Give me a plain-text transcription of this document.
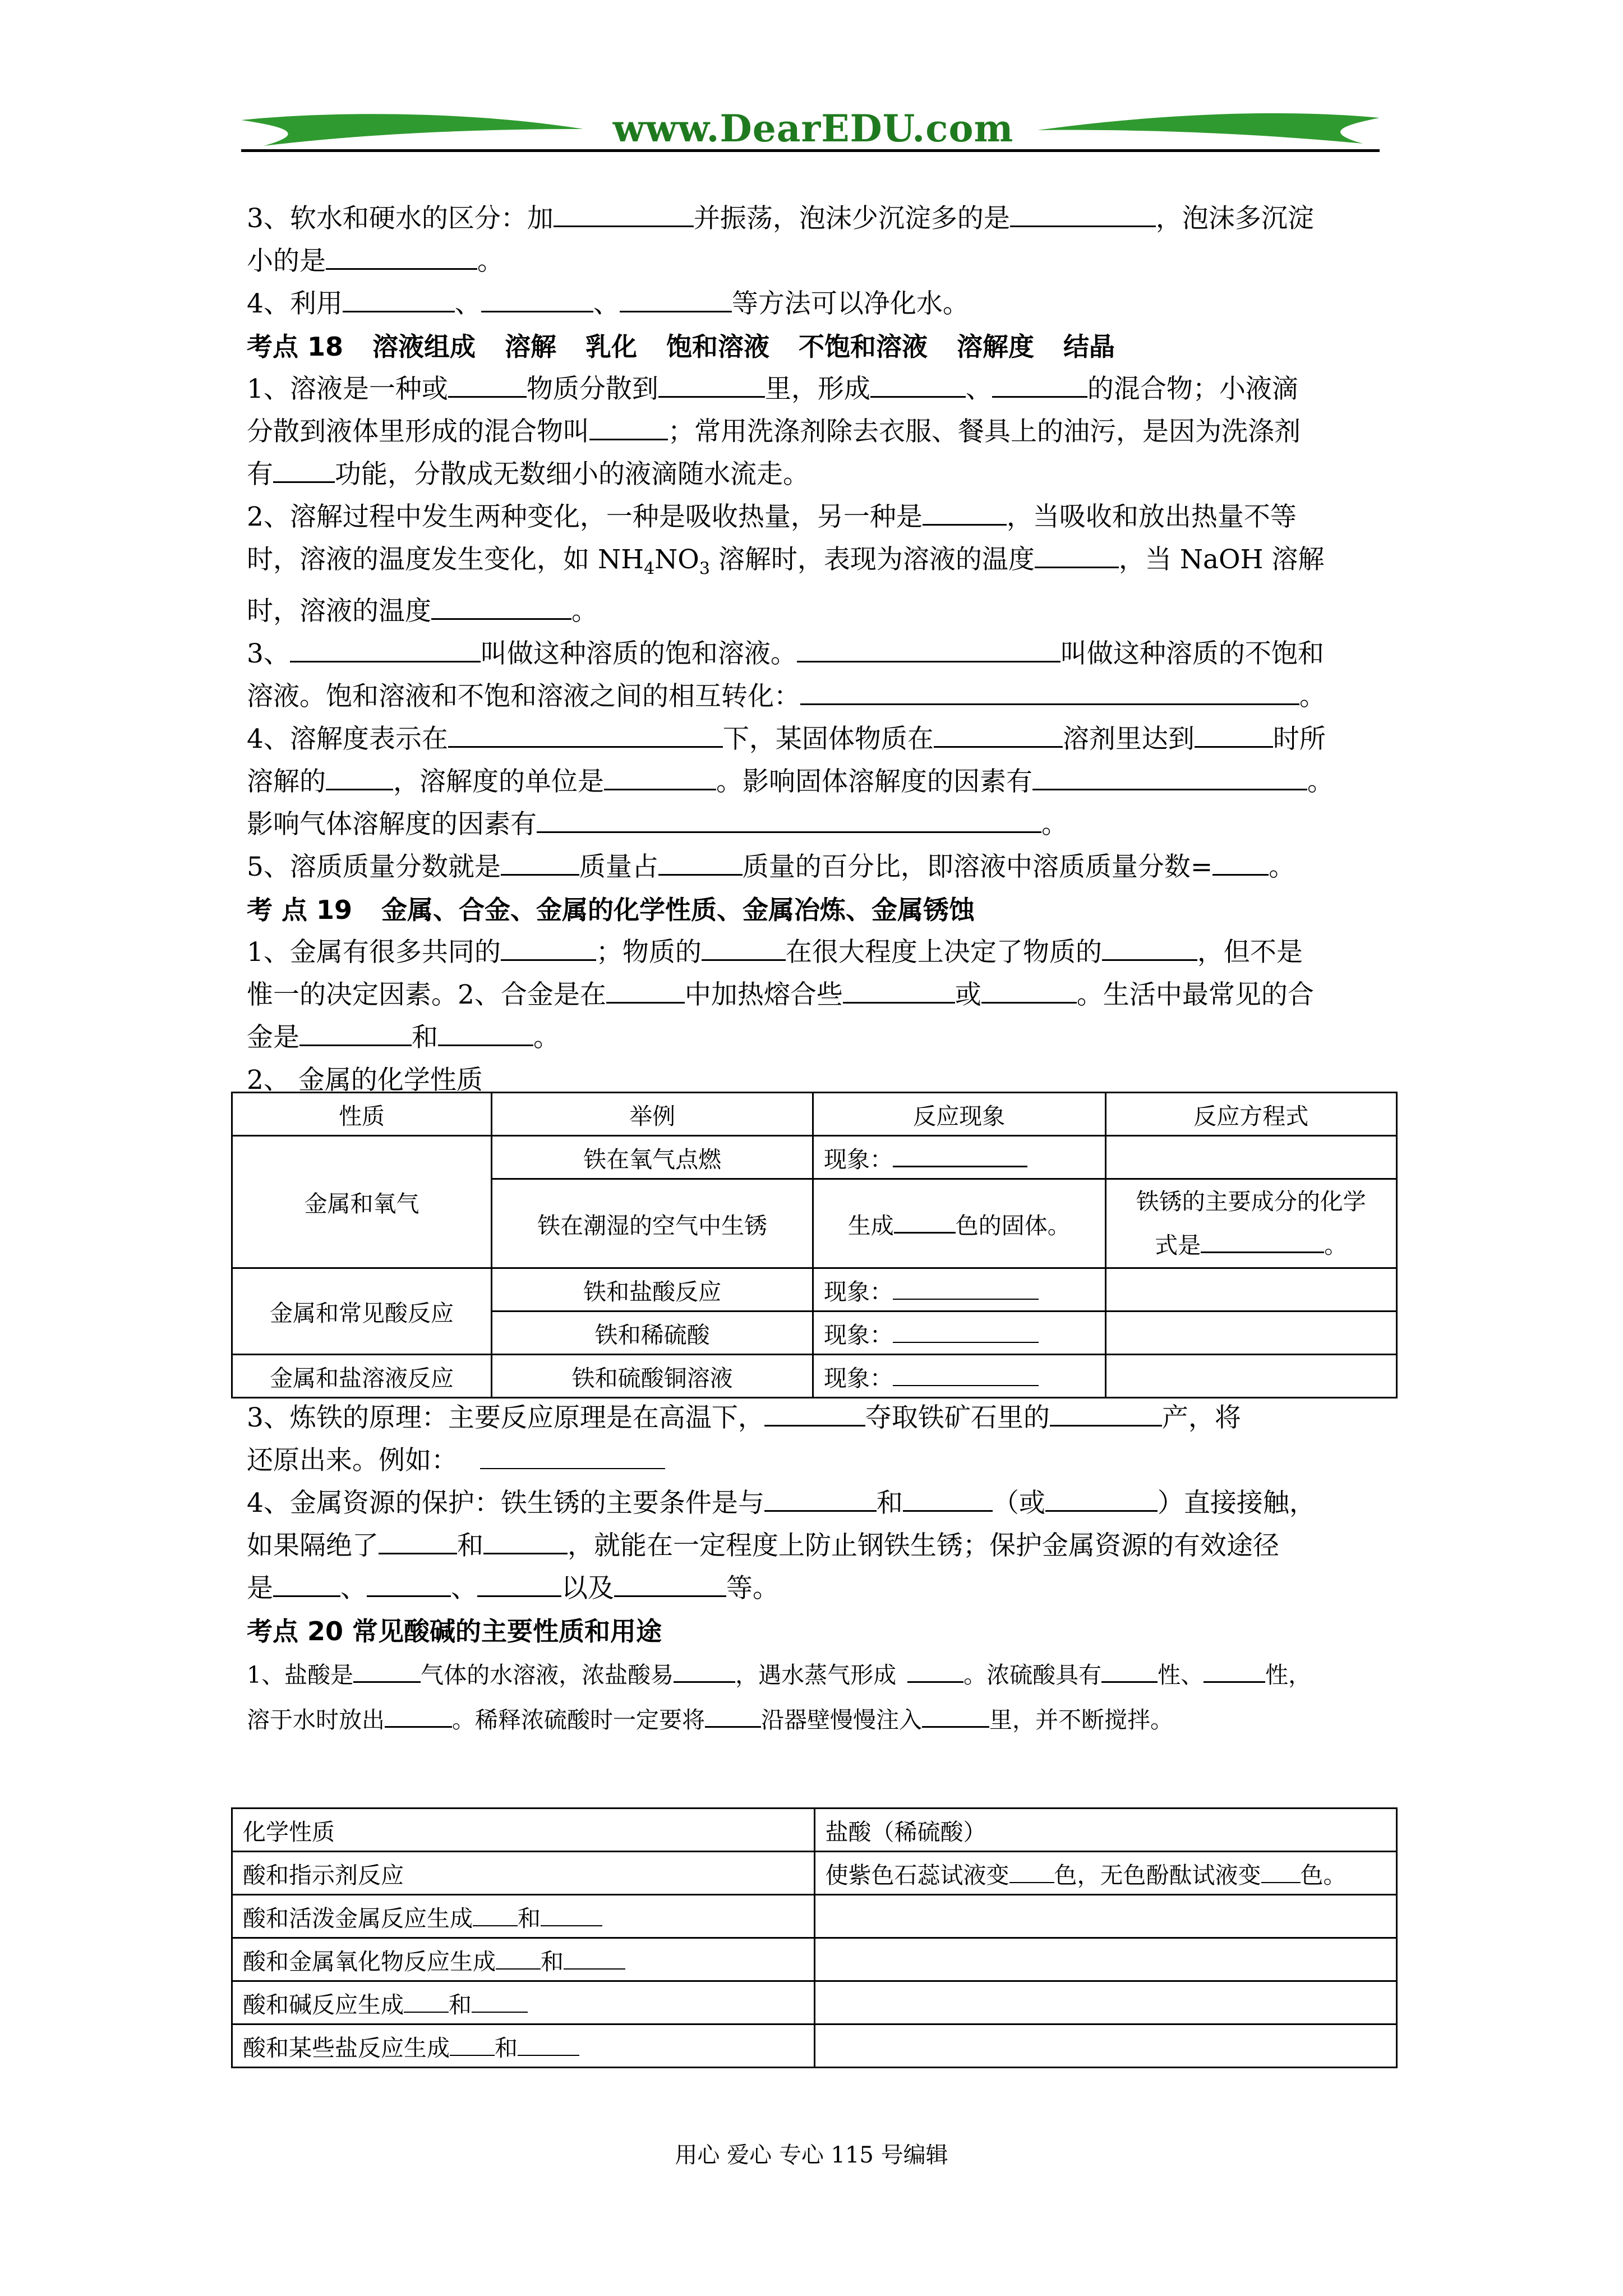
www.DearEDU.com
3、软水和硬水的区分：加	并振荡，泡沫少沉淀多的是	，泡沫多沉淀
小的是	。
4、利用	、	、	等方法可以净化水。
考点 18 溶液组成 溶解 乳化 饱和溶液 不饱和溶液 溶解度 结晶
1、溶液是一种或	物质分散到	里，形成	、	的混合物；小液滴
分散到液体里形成的混合物叫	；常用洗涤剂除去衣服、餐具上的油污，是因为洗涤剂
有 功能，分散成无数细小的液滴随水流走。
2、溶解过程中发生两种变化，一种是吸收热量，另一种是	，当吸收和放出热量不等
时，溶液的温度发生变化，如 $NH_4NO_3$ 溶解时，表现为溶液的温度	，当 NaOH 溶解
时，溶液的温度	。
3、	叫做这种溶质的饱和溶液。	叫做这种溶质的不饱和
溶液。饱和溶液和不饱和溶液之间的相互转化：	。
4、溶解度表示在	下，某固体物质在	溶剂里达到	时所
溶解的	，溶解度的单位是	。影响固体溶解度的因素有	。
影响气体溶解度的因素有	。
5、溶质质量分数就是	质量占	质量的百分比，即溶液中溶质质量分数= 。
考 点 19 金属、合金、金属的化学性质、金属冶炼、金属锈蚀
1、金属有很多共同的	；物质的	在很大程度上决定了物质的	，但不是
惟一的决定因素。2、合金是在	中加热熔合些	或	。生活中最常见的合
金是	和	。
2、 金属的化学性质
性质	举例	反应现象	反应方程式
金属和氧气	铁在氧气点燃	现象：	
	铁在潮湿的空气中生锈	生成 色的固体。	铁锈的主要成分的化学
式是 。

金属和常见酸反应	铁和盐酸反应	现象：	
	铁和稀硫酸	现象：	
金属和盐溶液反应	铁和硫酸铜溶液	现象：	
3、炼铁的原理：主要反应原理是在高温下，	夺取铁矿石里的	产，将
还原出来。例如：
4、金属资源的保护：铁生锈的主要条件是与	和	（或	）直接接触，
如果隔绝了	和	，就能在一定程度上防止钢铁生锈；保护金属资源的有效途径
是	、	、	以及	等。
考点 20 常见酸碱的主要性质和用途
1、盐酸是	气体的水溶液，浓盐酸易	，遇水蒸气形成	。浓硫酸具有 性、	性，
溶于水时放出	。稀释浓硫酸时一定要将 沿器壁慢慢注入	里，并不断搅拌。
化学性质	盐酸（稀硫酸）
酸和指示剂反应	使紫色石蕊试液变 色，无色酚酞试液变 色。
酸和活泼金属反应生成 和	
酸和金属氧化物反应生成 和	
酸和碱反应生成 和	
酸和某些盐反应生成 和	
用心 爱心 专心 115 号编辑
